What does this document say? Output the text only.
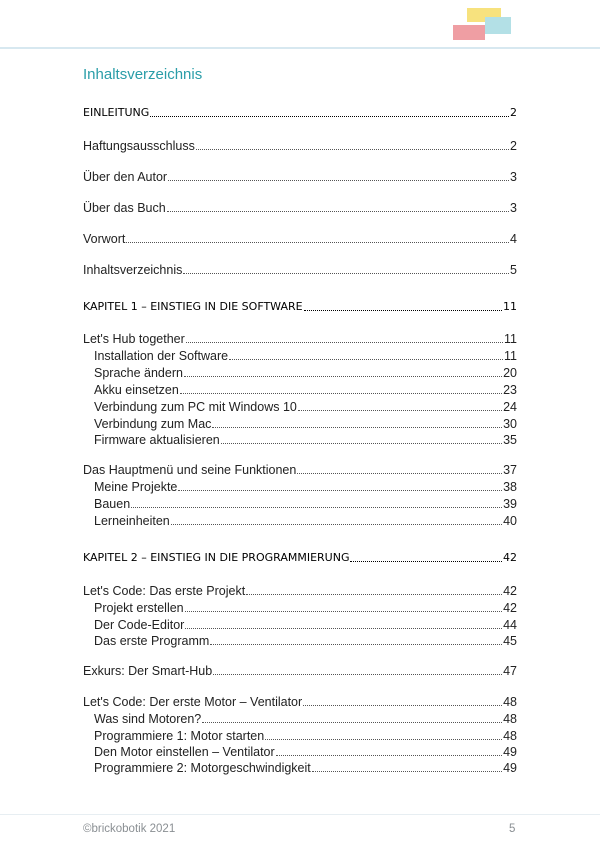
Inhaltsverzeichnis
EINLEITUNG	2
Haftungsausschluss	2
Über den Autor	3
Über das Buch	3
Vorwort	4
Inhaltsverzeichnis	5
KAPITEL 1 – EINSTIEG IN DIE SOFTWARE	11
Let's Hub together	11
Installation der Software	11
Sprache ändern	20
Akku einsetzen	23
Verbindung zum PC mit Windows 10	24
Verbindung zum Mac	30
Firmware aktualisieren	35
Das Hauptmenü und seine Funktionen	37
Meine Projekte	38
Bauen	39
Lerneinheiten	40
KAPITEL 2 – EINSTIEG IN DIE PROGRAMMIERUNG	42
Let's Code: Das erste Projekt	42
Projekt erstellen	42
Der Code-Editor	44
Das erste Programm	45
Exkurs: Der Smart-Hub	47
Let's Code: Der erste Motor – Ventilator	48
Was sind Motoren?	48
Programmiere 1: Motor starten	48
Den Motor einstellen – Ventilator	49
Programmiere 2: Motorgeschwindigkeit	49
©brickobotik 2021	5
